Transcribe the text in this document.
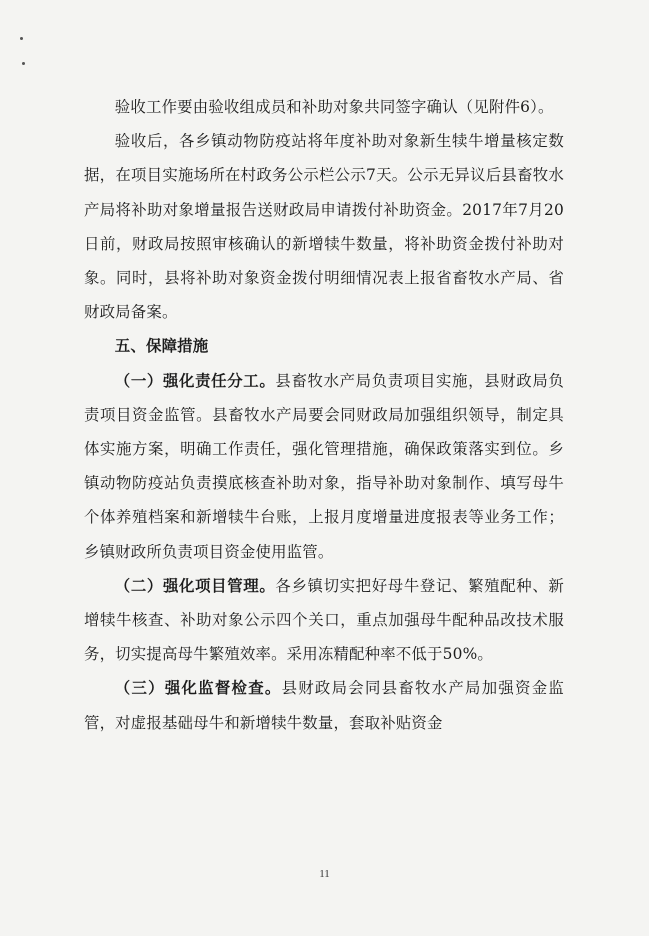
验收工作要由验收组成员和补助对象共同签字确认（见附件6）。

验收后，各乡镇动物防疫站将年度补助对象新生犊牛增量核定数据，在项目实施场所在村政务公示栏公示7天。公示无异议后县畜牧水产局将补助对象增量报告送财政局申请拨付补助资金。2017年7月20日前，财政局按照审核确认的新增犊牛数量，将补助资金拨付补助对象。同时，县将补助对象资金拨付明细情况表上报省畜牧水产局、省财政局备案。

五、保障措施

（一）强化责任分工。县畜牧水产局负责项目实施，县财政局负责项目资金监管。县畜牧水产局要会同财政局加强组织领导，制定具体实施方案，明确工作责任，强化管理措施，确保政策落实到位。乡镇动物防疫站负责摸底核查补助对象，指导补助对象制作、填写母牛个体养殖档案和新增犊牛台账，上报月度增量进度报表等业务工作；乡镇财政所负责项目资金使用监管。

（二）强化项目管理。各乡镇切实把好母牛登记、繁殖配种、新增犊牛核查、补助对象公示四个关口，重点加强母牛配种品改技术服务，切实提高母牛繁殖效率。采用冻精配种率不低于50%。

（三）强化监督检查。县财政局会同县畜牧水产局加强资金监管，对虚报基础母牛和新增犊牛数量，套取补贴资金

11
